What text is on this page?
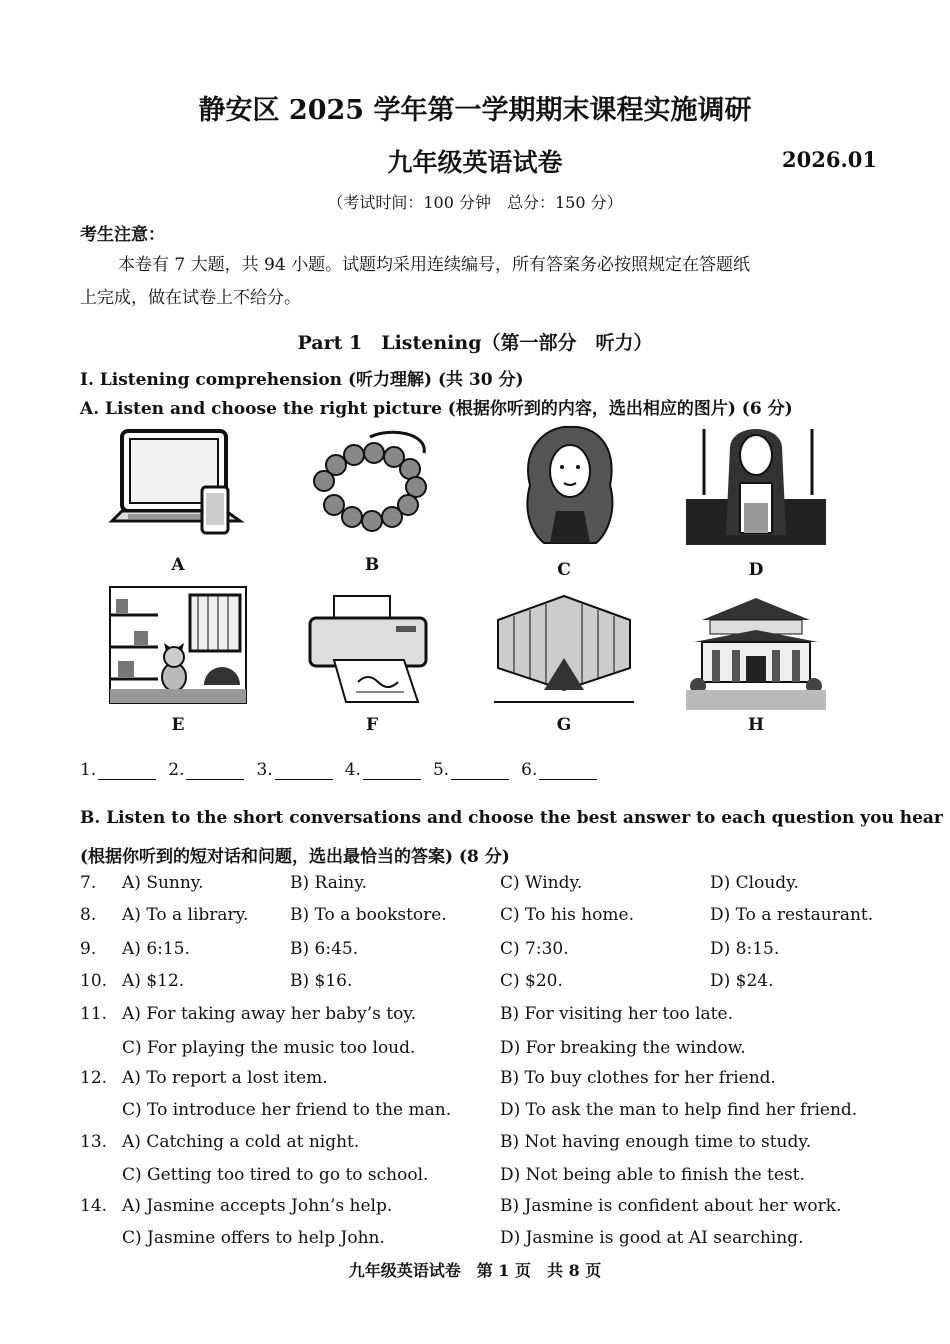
静安区 2025 学年第一学期期末课程实施调研
九年级英语试卷	2026.01
（考试时间：100 分钟　总分：150 分）
考生注意：
本卷有 7 大题，共 94 小题。试题均采用连续编号，所有答案务必按照规定在答题纸
上完成，做在试卷上不给分。
Part 1　Listening（第一部分　听力）
I. Listening comprehension (听力理解) (共 30 分)
A. Listen and choose the right picture (根据你听到的内容，选出相应的图片) (6 分)
A	B	C	D
E	F	G	H
1.	2.	3.	4.	5.	6.
B. Listen to the short conversations and choose the best answer to each question you hear
(根据你听到的短对话和问题，选出最恰当的答案) (8 分)
7. A) Sunny.	B) Rainy.	C) Windy.	D) Cloudy.
8. A) To a library. B) To a bookstore.	C) To his home.	D) To a restaurant.
9. A) 6:15.	B) 6:45.	C) 7:30.	D) 8:15.
10. A) $12.	B) $16.	C) $20.	D) $24.
11. A) For taking away her baby’s toy.	B) For visiting her too late.
C) For playing the music too loud.	D) For breaking the window.
12. A) To report a lost item.	B) To buy clothes for her friend.
C) To introduce her friend to the man.	D) To ask the man to help find her friend.
13. A) Catching a cold at night.	B) Not having enough time to study.
C) Getting too tired to go to school.	D) Not being able to finish the test.
14. A) Jasmine accepts John’s help.	B) Jasmine is confident about her work.
C) Jasmine offers to help John.	D) Jasmine is good at AI searching.
九年级英语试卷　第 1 页　共 8 页
